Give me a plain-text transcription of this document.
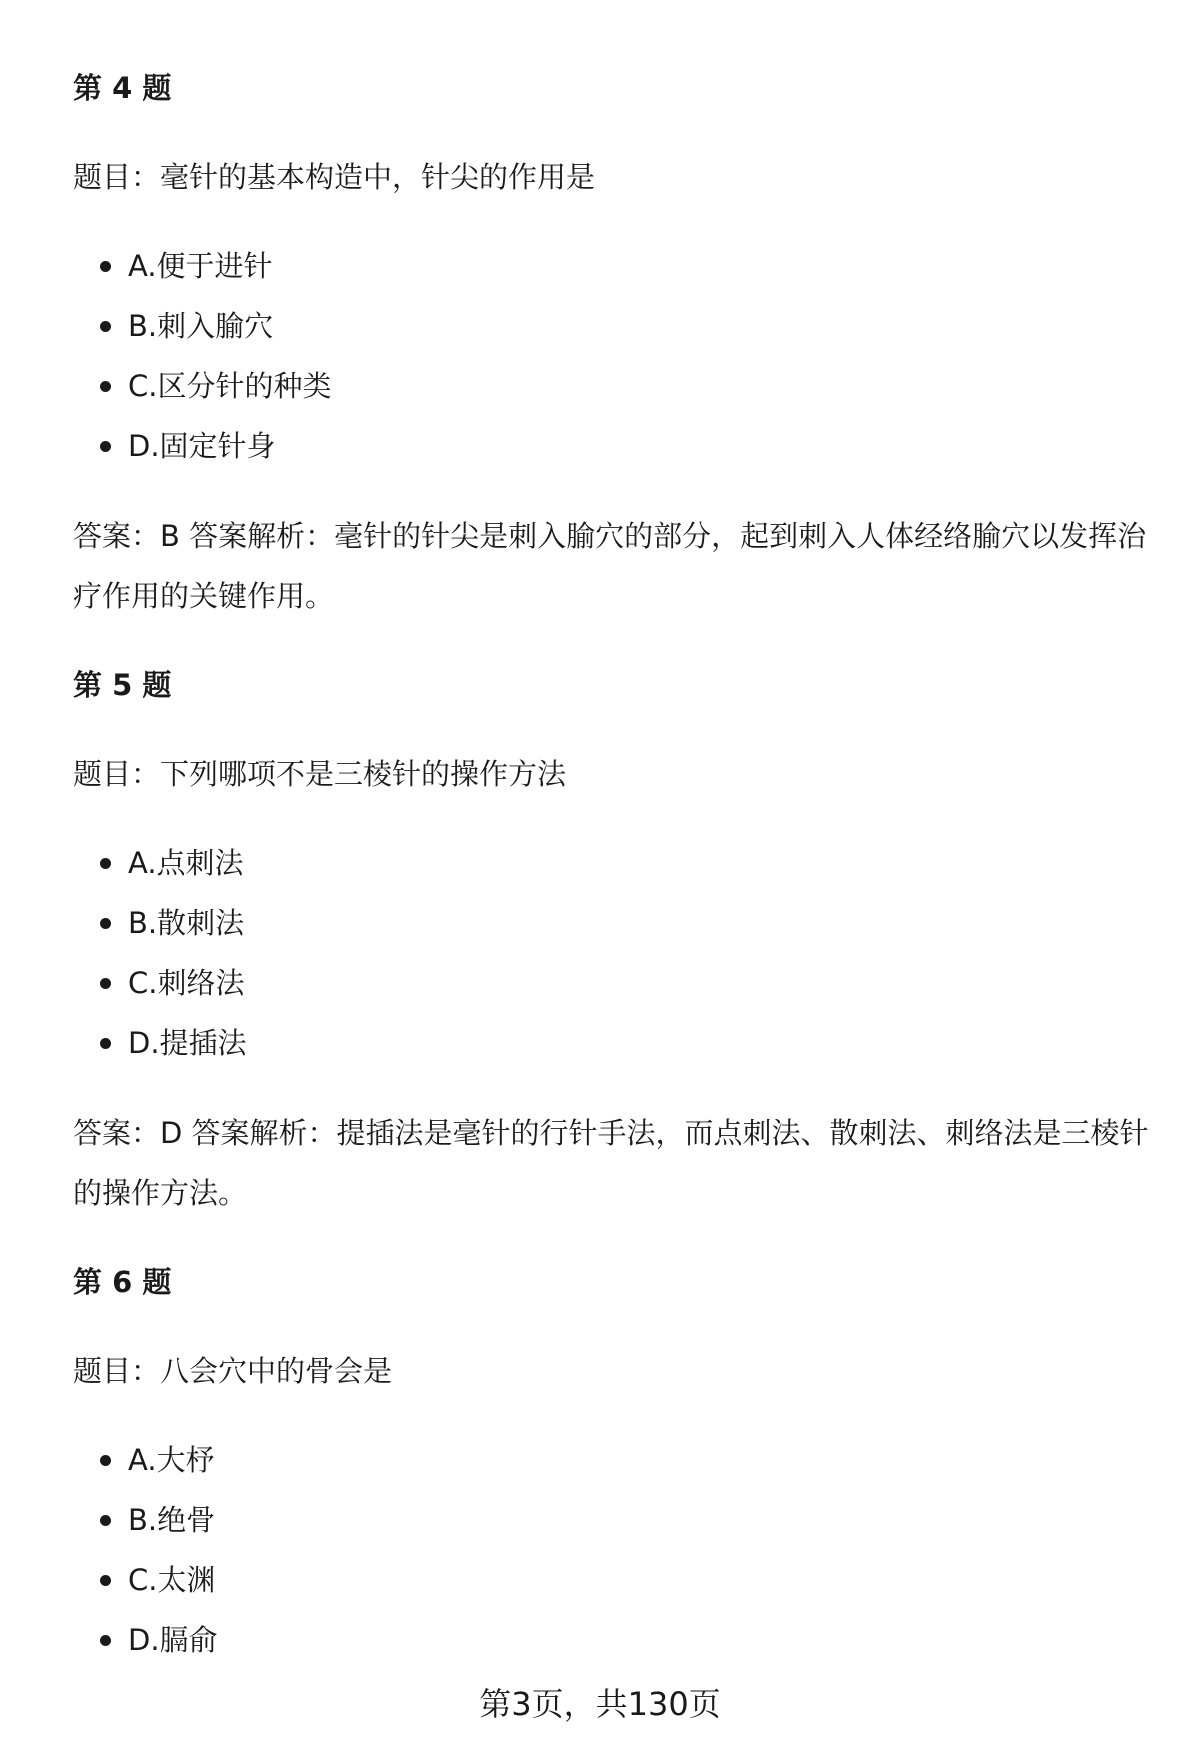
第 4 题
题目：毫针的基本构造中，针尖的作用是
A.便于进针
B.刺入腧穴
C.区分针的种类
D.固定针身
答案：B 答案解析：毫针的针尖是刺入腧穴的部分，起到刺入人体经络腧穴以发挥治疗作用的关键作用。
第 5 题
题目：下列哪项不是三棱针的操作方法
A.点刺法
B.散刺法
C.刺络法
D.提插法
答案：D 答案解析：提插法是毫针的行针手法，而点刺法、散刺法、刺络法是三棱针的操作方法。
第 6 题
题目：八会穴中的骨会是
A.大杼
B.绝骨
C.太渊
D.膈俞
第3页，共130页
